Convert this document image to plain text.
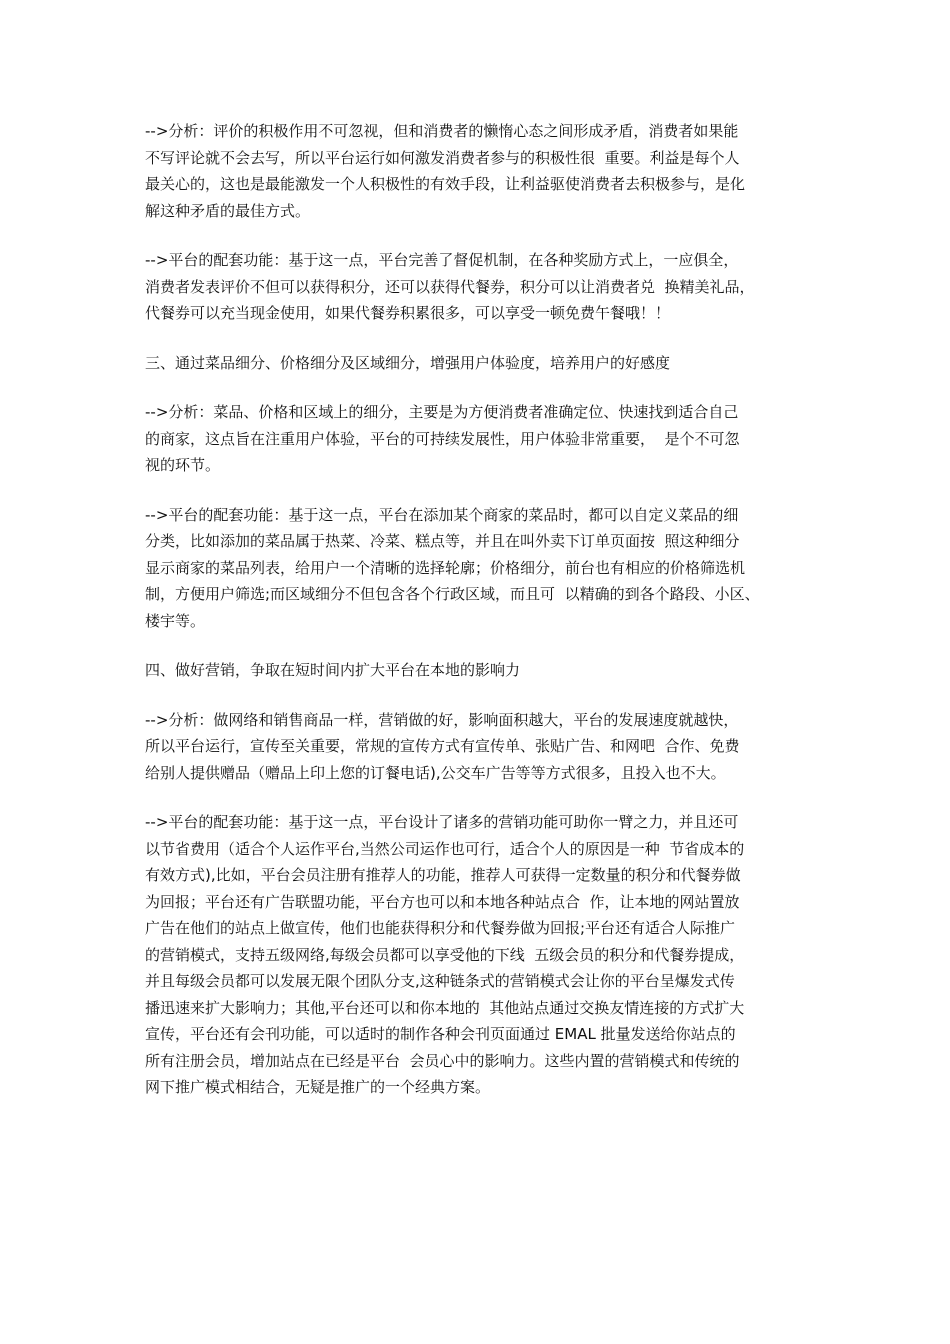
-->分析：评价的积极作用不可忽视，但和消费者的懒惰心态之间形成矛盾，消费者如果能
不写评论就不会去写，所以平台运行如何激发消费者参与的积极性很  重要。利益是每个人
最关心的，这也是最能激发一个人积极性的有效手段，让利益驱使消费者去积极参与，是化
解这种矛盾的最佳方式。
-->平台的配套功能：基于这一点，平台完善了督促机制，在各种奖励方式上，一应俱全，
消费者发表评价不但可以获得积分，还可以获得代餐券，积分可以让消费者兑  换精美礼品，
代餐券可以充当现金使用，如果代餐券积累很多，可以享受一顿免费午餐哦！！
三、通过菜品细分、价格细分及区域细分，增强用户体验度，培养用户的好感度
-->分析：菜品、价格和区域上的细分，主要是为方便消费者准确定位、快速找到适合自己
的商家，这点旨在注重用户体验，平台的可持续发展性，用户体验非常重要，  是个不可忽
视的环节。
-->平台的配套功能：基于这一点，平台在添加某个商家的菜品时，都可以自定义菜品的细
分类，比如添加的菜品属于热菜、冷菜、糕点等，并且在叫外卖下订单页面按  照这种细分
显示商家的菜品列表，给用户一个清晰的选择轮廓；价格细分，前台也有相应的价格筛选机
制，方便用户筛选;而区域细分不但包含各个行政区域，而且可  以精确的到各个路段、小区、
楼宇等。
四、做好营销，争取在短时间内扩大平台在本地的影响力
-->分析：做网络和销售商品一样，营销做的好，影响面积越大，平台的发展速度就越快，
所以平台运行，宣传至关重要，常规的宣传方式有宣传单、张贴广告、和网吧  合作、免费
给别人提供赠品（赠品上印上您的订餐电话),公交车广告等等方式很多，且投入也不大。
-->平台的配套功能：基于这一点，平台设计了诸多的营销功能可助你一臂之力，并且还可
以节省费用（适合个人运作平台,当然公司运作也可行，适合个人的原因是一种  节省成本的
有效方式),比如，平台会员注册有推荐人的功能，推荐人可获得一定数量的积分和代餐券做
为回报；平台还有广告联盟功能，平台方也可以和本地各种站点合  作，让本地的网站置放
广告在他们的站点上做宣传，他们也能获得积分和代餐券做为回报;平台还有适合人际推广
的营销模式，支持五级网络,每级会员都可以享受他的下线  五级会员的积分和代餐券提成，
并且每级会员都可以发展无限个团队分支,这种链条式的营销模式会让你的平台呈爆发式传
播迅速来扩大影响力；其他,平台还可以和你本地的  其他站点通过交换友情连接的方式扩大
宣传，平台还有会刊功能，可以适时的制作各种会刊页面通过 EMAL 批量发送给你站点的
所有注册会员，增加站点在已经是平台  会员心中的影响力。这些内置的营销模式和传统的
网下推广模式相结合，无疑是推广的一个经典方案。
